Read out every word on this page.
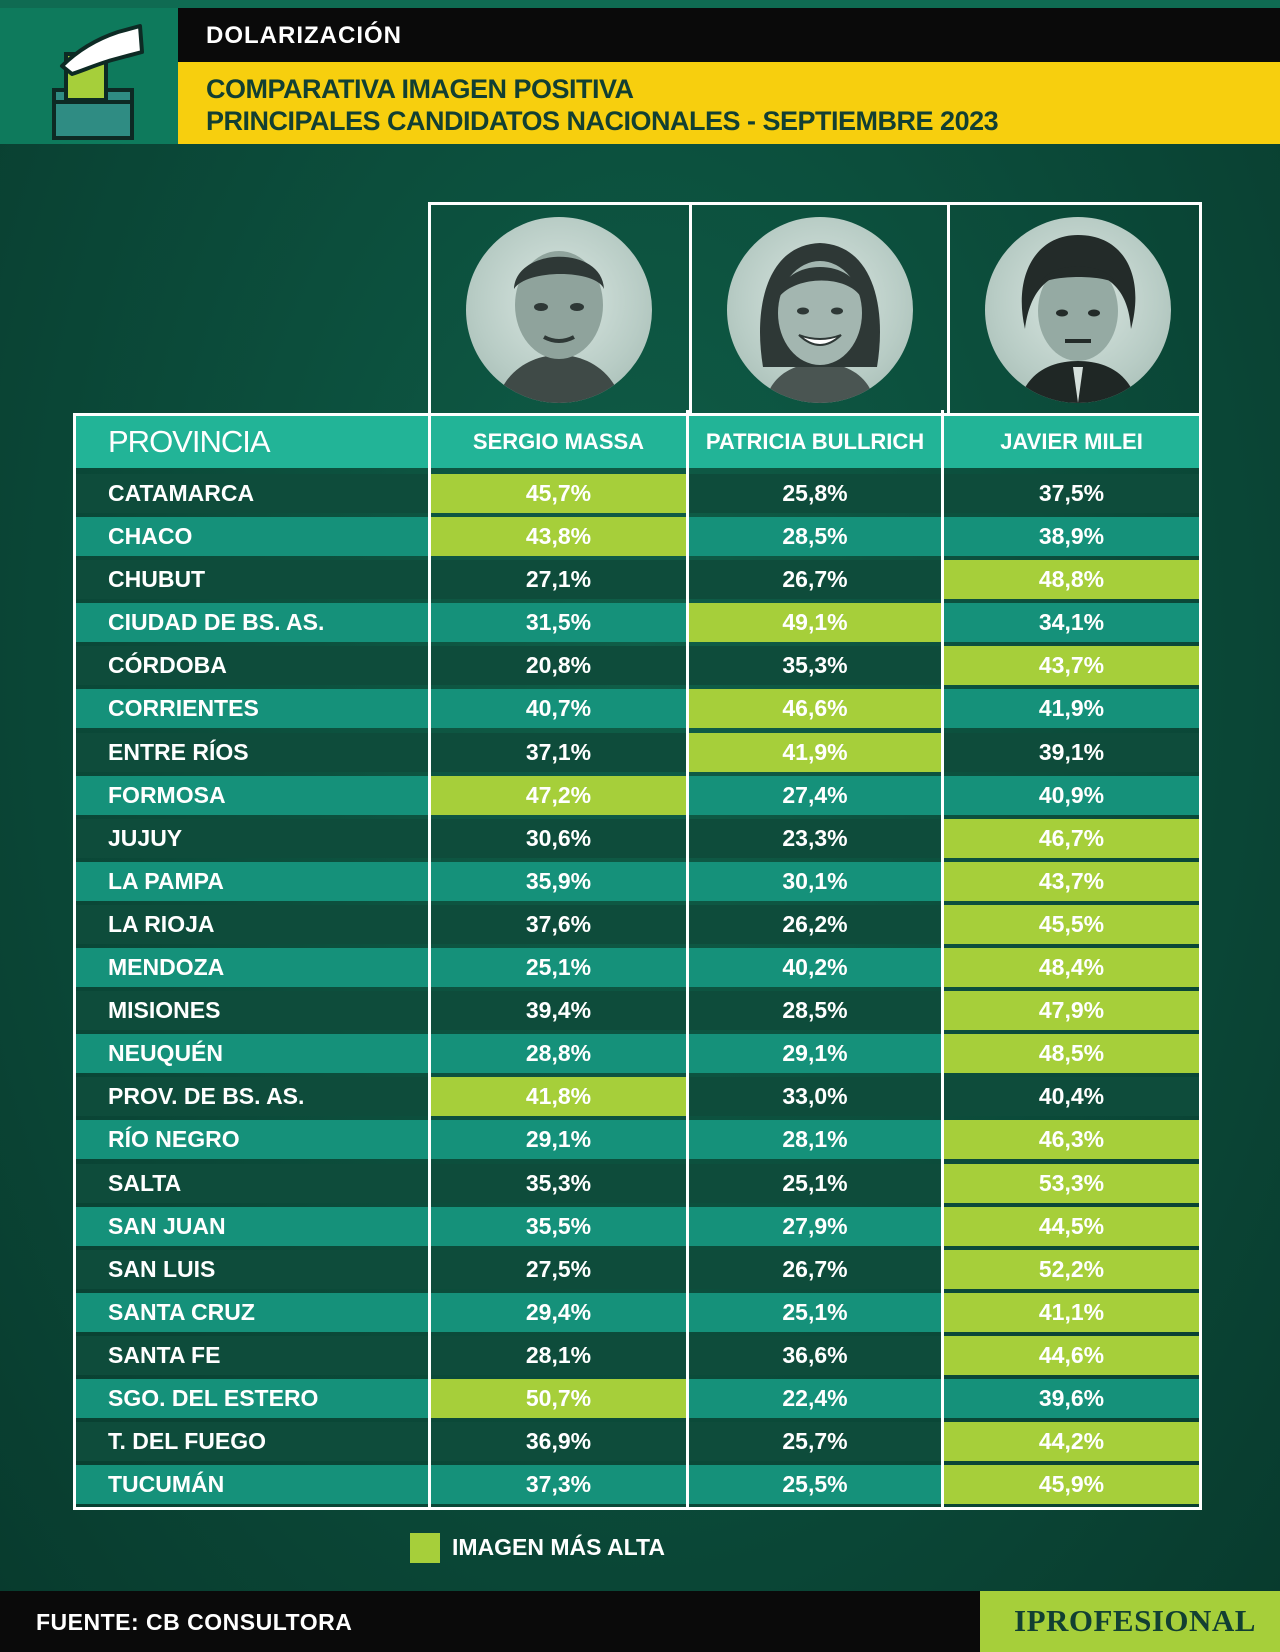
DOLARIZACIÓN
COMPARATIVA IMAGEN POSITIVA
PRINCIPALES CANDIDATOS NACIONALES - SEPTIEMBRE 2023
PROVINCIA	SERGIO MASSA	PATRICIA BULLRICH	JAVIER MILEI
CATAMARCA	45,7%	25,8%	37,5%
CHACO	43,8%	28,5%	38,9%
CHUBUT	27,1%	26,7%	48,8%
CIUDAD DE BS. AS.	31,5%	49,1%	34,1%
CÓRDOBA	20,8%	35,3%	43,7%
CORRIENTES	40,7%	46,6%	41,9%
ENTRE RÍOS	37,1%	41,9%	39,1%
FORMOSA	47,2%	27,4%	40,9%
JUJUY	30,6%	23,3%	46,7%
LA PAMPA	35,9%	30,1%	43,7%
LA RIOJA	37,6%	26,2%	45,5%
MENDOZA	25,1%	40,2%	48,4%
MISIONES	39,4%	28,5%	47,9%
NEUQUÉN	28,8%	29,1%	48,5%
PROV. DE BS. AS.	41,8%	33,0%	40,4%
RÍO NEGRO	29,1%	28,1%	46,3%
SALTA	35,3%	25,1%	53,3%
SAN JUAN	35,5%	27,9%	44,5%
SAN LUIS	27,5%	26,7%	52,2%
SANTA CRUZ	29,4%	25,1%	41,1%
SANTA FE	28,1%	36,6%	44,6%
SGO. DEL ESTERO	50,7%	22,4%	39,6%
T. DEL FUEGO	36,9%	25,7%	44,2%
TUCUMÁN	37,3%	25,5%	45,9%
IMAGEN MÁS ALTA
FUENTE: CB CONSULTORA	IPROFESIONAL
